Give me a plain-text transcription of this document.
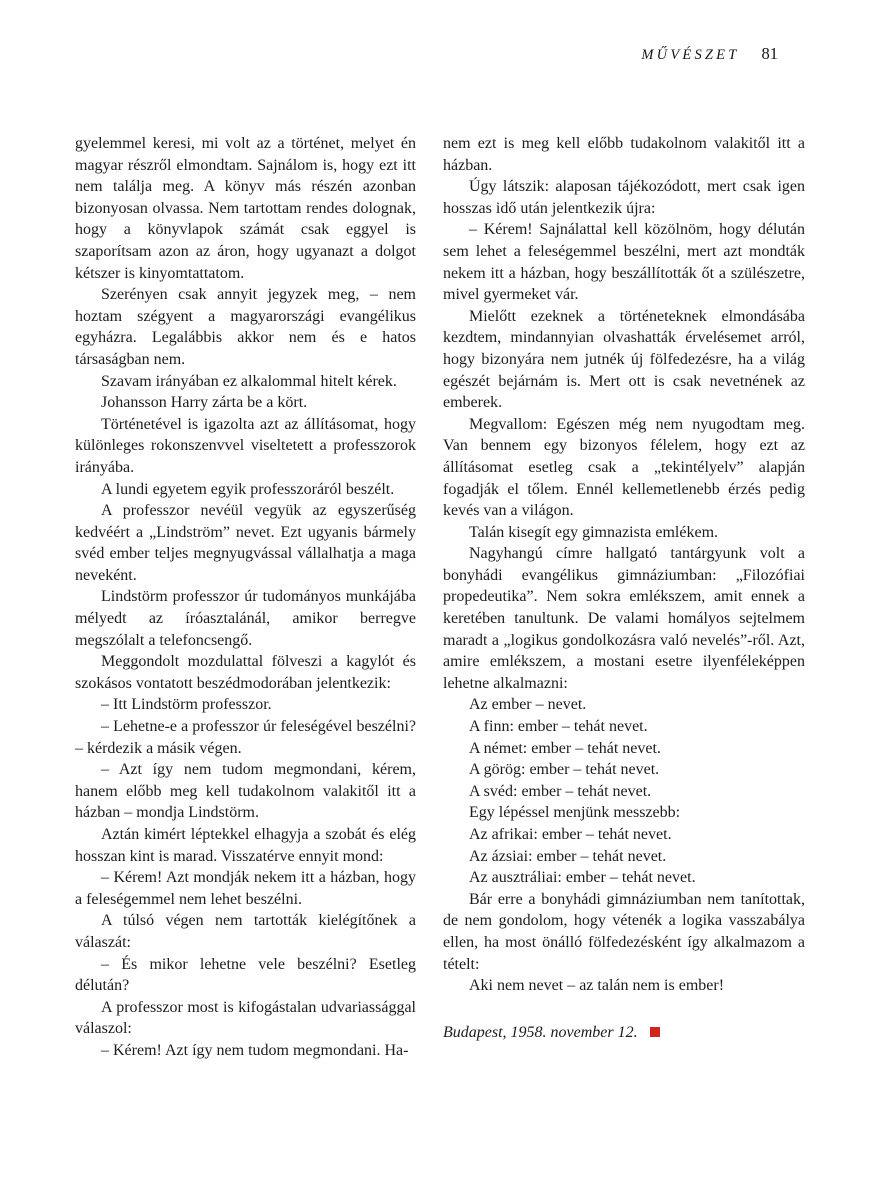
MŰVÉSZET 81

gyelemmel keresi, mi volt az a történet, melyet én magyar részről elmondtam. Sajnálom is, hogy ezt itt nem találja meg. A könyv más részén azonban bizonyosan olvassa. Nem tartottam rendes dolognak, hogy a könyvlapok számát csak eggyel is szaporítsam azon az áron, hogy ugyanazt a dolgot kétszer is kinyomtattatom.

Szerényen csak annyit jegyzek meg, – nem hoztam szégyent a magyarországi evangélikus egyházra. Legalábbis akkor nem és e hatos társaságban nem.

Szavam irányában ez alkalommal hitelt kérek.

Johansson Harry zárta be a kört.

Történetével is igazolta azt az állításomat, hogy különleges rokonszenvvel viseltetett a professzorok irányába.

A lundi egyetem egyik professzoráról beszélt.

A professzor nevéül vegyük az egyszerűség kedvéért a „Lindström” nevet. Ezt ugyanis bármely svéd ember teljes megnyugvással vállalhatja a maga neveként.

Lindstörm professzor úr tudományos munkájába mélyedt az íróasztalánál, amikor berregve megszólalt a telefoncsengő.

Meggondolt mozdulattal fölveszi a kagylót és szokásos vontatott beszédmodorában jelentkezik:

– Itt Lindstörm professzor.

– Lehetne-e a professzor úr feleségével beszélni? – kérdezik a másik végen.

– Azt így nem tudom megmondani, kérem, hanem előbb meg kell tudakolnom valakitől itt a házban – mondja Lindstörm.

Aztán kimért léptekkel elhagyja a szobát és elég hosszan kint is marad. Visszatérve ennyit mond:

– Kérem! Azt mondják nekem itt a házban, hogy a feleségemmel nem lehet beszélni.

A túlsó végen nem tartották kielégítőnek a válaszát:

– És mikor lehetne vele beszélni? Esetleg délután?

A professzor most is kifogástalan udvariassággal válaszol:

– Kérem! Azt így nem tudom megmondani. Ha-

nem ezt is meg kell előbb tudakolnom valakitől itt a házban.

Úgy látszik: alaposan tájékozódott, mert csak igen hosszas idő után jelentkezik újra:

– Kérem! Sajnálattal kell közölnöm, hogy délután sem lehet a feleségemmel beszélni, mert azt mondták nekem itt a házban, hogy beszállították őt a szülészetre, mivel gyermeket vár.

Mielőtt ezeknek a történeteknek elmondásába kezdtem, mindannyian olvashatták érvelésemet arról, hogy bizonyára nem jutnék új fölfedezésre, ha a világ egészét bejárnám is. Mert ott is csak nevetnének az emberek.

Megvallom: Egészen még nem nyugodtam meg. Van bennem egy bizonyos félelem, hogy ezt az állításomat esetleg csak a „tekintélyelv” alapján fogadják el tőlem. Ennél kellemetlenebb érzés pedig kevés van a világon.

Talán kisegít egy gimnazista emlékem.

Nagyhangú címre hallgató tantárgyunk volt a bonyhádi evangélikus gimnáziumban: „Filozófiai propedeutika”. Nem sokra emlékszem, amit ennek a keretében tanultunk. De valami homályos sejtelmem maradt a „logikus gondolkozásra való nevelés”-ről. Azt, amire emlékszem, a mostani esetre ilyenféleképpen lehetne alkalmazni:

Az ember – nevet.

A finn: ember – tehát nevet.

A német: ember – tehát nevet.

A görög: ember – tehát nevet.

A svéd: ember – tehát nevet.

Egy lépéssel menjünk messzebb:

Az afrikai: ember – tehát nevet.

Az ázsiai: ember – tehát nevet.

Az ausztráliai: ember – tehát nevet.

Bár erre a bonyhádi gimnáziumban nem tanítottak, de nem gondolom, hogy vétenék a logika vasszabálya ellen, ha most önálló fölfedezésként így alkalmazom a tételt:

Aki nem nevet – az talán nem is ember!

Budapest, 1958. november 12.
